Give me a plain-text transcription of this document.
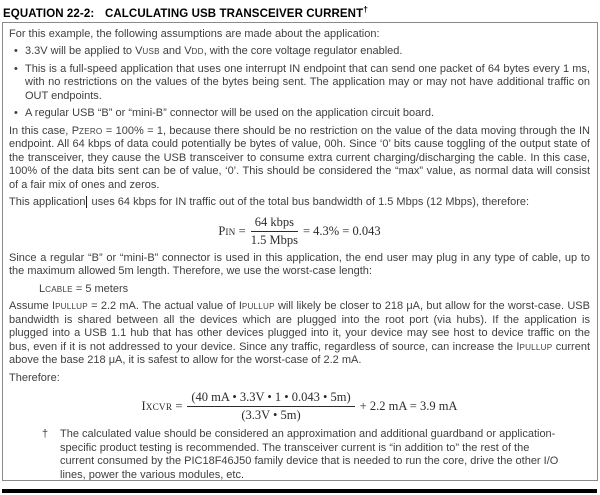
EQUATION 22-2: CALCULATING USB TRANSCEIVER CURRENT†

For this example, the following assumptions are made about the application:

• 3.3V will be applied to VUSB and VDD, with the core voltage regulator enabled.

• This is a full-speed application that uses one interrupt IN endpoint that can send one packet of 64 bytes every 1 ms, with no restrictions on the values of the bytes being sent. The application may or may not have additional traffic on OUT endpoints.

• A regular USB “B” or “mini-B” connector will be used on the application circuit board.

In this case, PZERO = 100% = 1, because there should be no restriction on the value of the data moving through the IN endpoint. All 64 kbps of data could potentially be bytes of value, 00h. Since ‘0’ bits cause toggling of the output state of the transceiver, they cause the USB transceiver to consume extra current charging/discharging the cable. In this case, 100% of the data bits sent can be of value, ‘0’. This should be considered the “max” value, as normal data will consist of a fair mix of ones and zeros.

This application uses 64 kbps for IN traffic out of the total bus bandwidth of 1.5 Mbps (12 Mbps), therefore:

PIN = $\frac{\text{64 kbps}}{\text{1.5 Mbps}} = 4.3\% = 0.043$

Since a regular “B” or “mini-B” connector is used in this application, the end user may plug in any type of cable, up to the maximum allowed 5m length. Therefore, we use the worst-case length:

LCABLE = 5 meters

Assume IPULLUP = 2.2 mA. The actual value of IPULLUP will likely be closer to 218 μA, but allow for the worst-case. USB bandwidth is shared between all the devices which are plugged into the root port (via hubs). If the application is plugged into a USB 1.1 hub that has other devices plugged into it, your device may see host to device traffic on the bus, even if it is not addressed to your device. Since any traffic, regardless of source, can increase the IPULLUP current above the base 218 μA, it is safest to allow for the worst-case of 2.2 mA.

Therefore:

IXCVR = $\frac{(40 mA • 3.3V • 1 • 0.043 • 5m)}{(3.3V • 5m)} + 2.2$ mA = 3.9 mA
†	The calculated value should be considered an approximation and additional guardband or application-specific product testing is recommended. The transceiver current is “in addition to” the rest of the current consumed by the PIC18F46J50 family device that is needed to run the core, drive the other I/O lines, power the various modules, etc.
